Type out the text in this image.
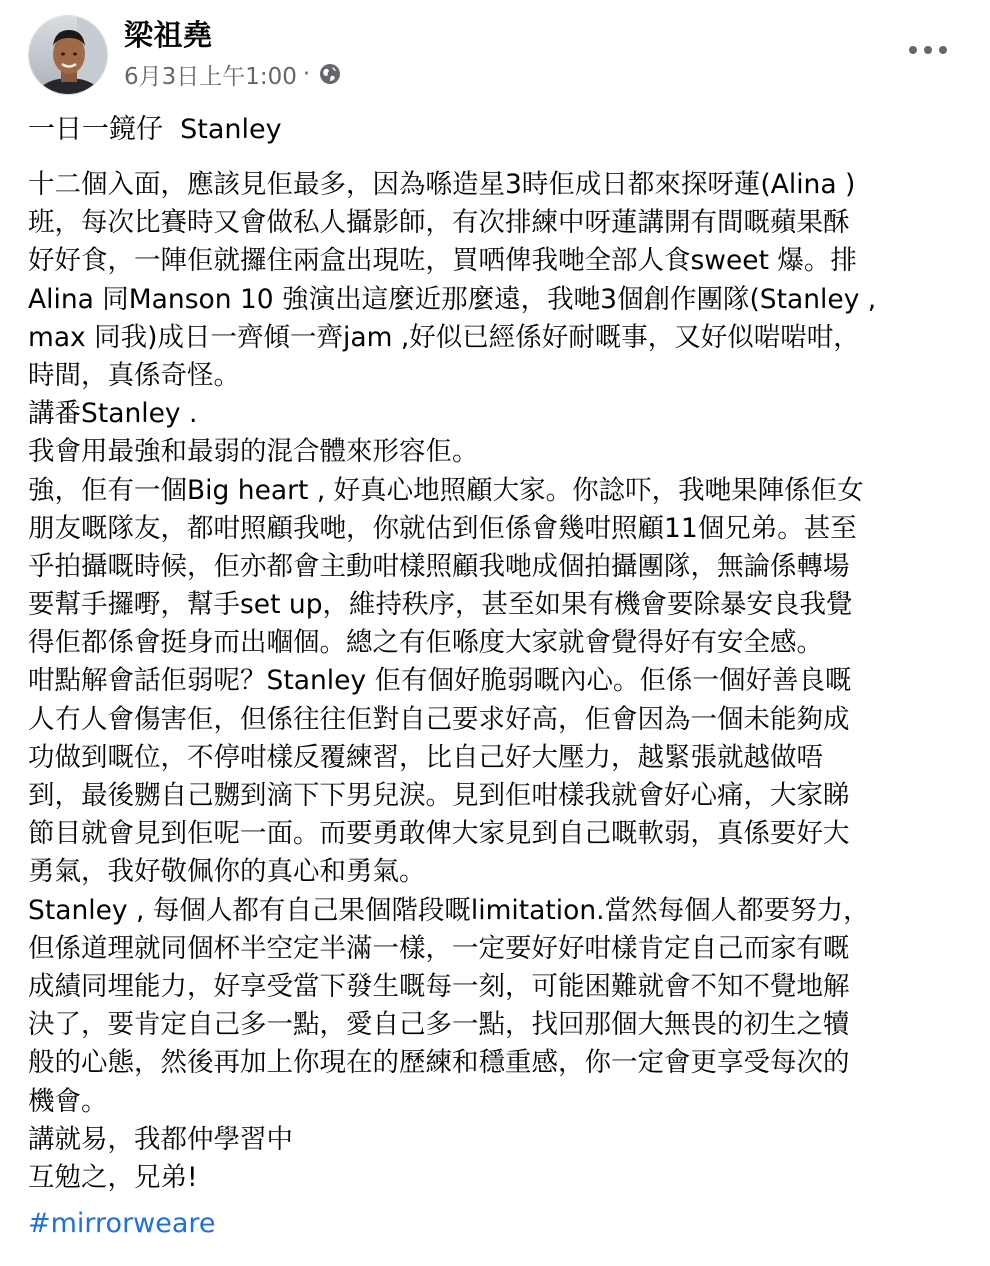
梁祖堯
6月3日上午1:00 ·
一日一鏡仔  Stanley
十二個入面，應該見佢最多，因為喺造星3時佢成日都來探呀蓮(Alina )
班，每次比賽時又會做私人攝影師，有次排練中呀蓮講開有間嘅蘋果酥
好好食，一陣佢就攞住兩盒出現咗，買哂俾我哋全部人食sweet 爆。排
Alina 同Manson 10 強演出這麼近那麼遠，我哋3個創作團隊(Stanley ,
max 同我)成日一齊傾一齊jam ,好似已經係好耐嘅事，又好似啱啱咁，
時間，真係奇怪。
講番Stanley .
我會用最強和最弱的混合體來形容佢。
強，佢有一個Big heart , 好真心地照顧大家。你諗吓，我哋果陣係佢女
朋友嘅隊友，都咁照顧我哋，你就估到佢係會幾咁照顧11個兄弟。甚至
乎拍攝嘅時候，佢亦都會主動咁樣照顧我哋成個拍攝團隊，無論係轉場
要幫手攞嘢，幫手set up，維持秩序，甚至如果有機會要除暴安良我覺
得佢都係會挺身而出嗰個。總之有佢喺度大家就會覺得好有安全感。
咁點解會話佢弱呢？Stanley 佢有個好脆弱嘅內心。佢係一個好善良嘅
人冇人會傷害佢，但係往往佢對自己要求好高，佢會因為一個未能夠成
功做到嘅位，不停咁樣反覆練習，比自己好大壓力，越緊張就越做唔
到，最後嬲自己嬲到滴下下男兒淚。見到佢咁樣我就會好心痛，大家睇
節目就會見到佢呢一面。而要勇敢俾大家見到自己嘅軟弱，真係要好大
勇氣，我好敬佩你的真心和勇氣。
Stanley , 每個人都有自己果個階段嘅limitation.當然每個人都要努力，
但係道理就同個杯半空定半滿一樣，一定要好好咁樣肯定自己而家有嘅
成績同埋能力，好享受當下發生嘅每一刻，可能困難就會不知不覺地解
決了，要肯定自己多一點，愛自己多一點，找回那個大無畏的初生之犢
般的心態，然後再加上你現在的歷練和穩重感，你一定會更享受每次的
機會。
講就易，我都仲學習中
互勉之，兄弟!
#mirrorweare
